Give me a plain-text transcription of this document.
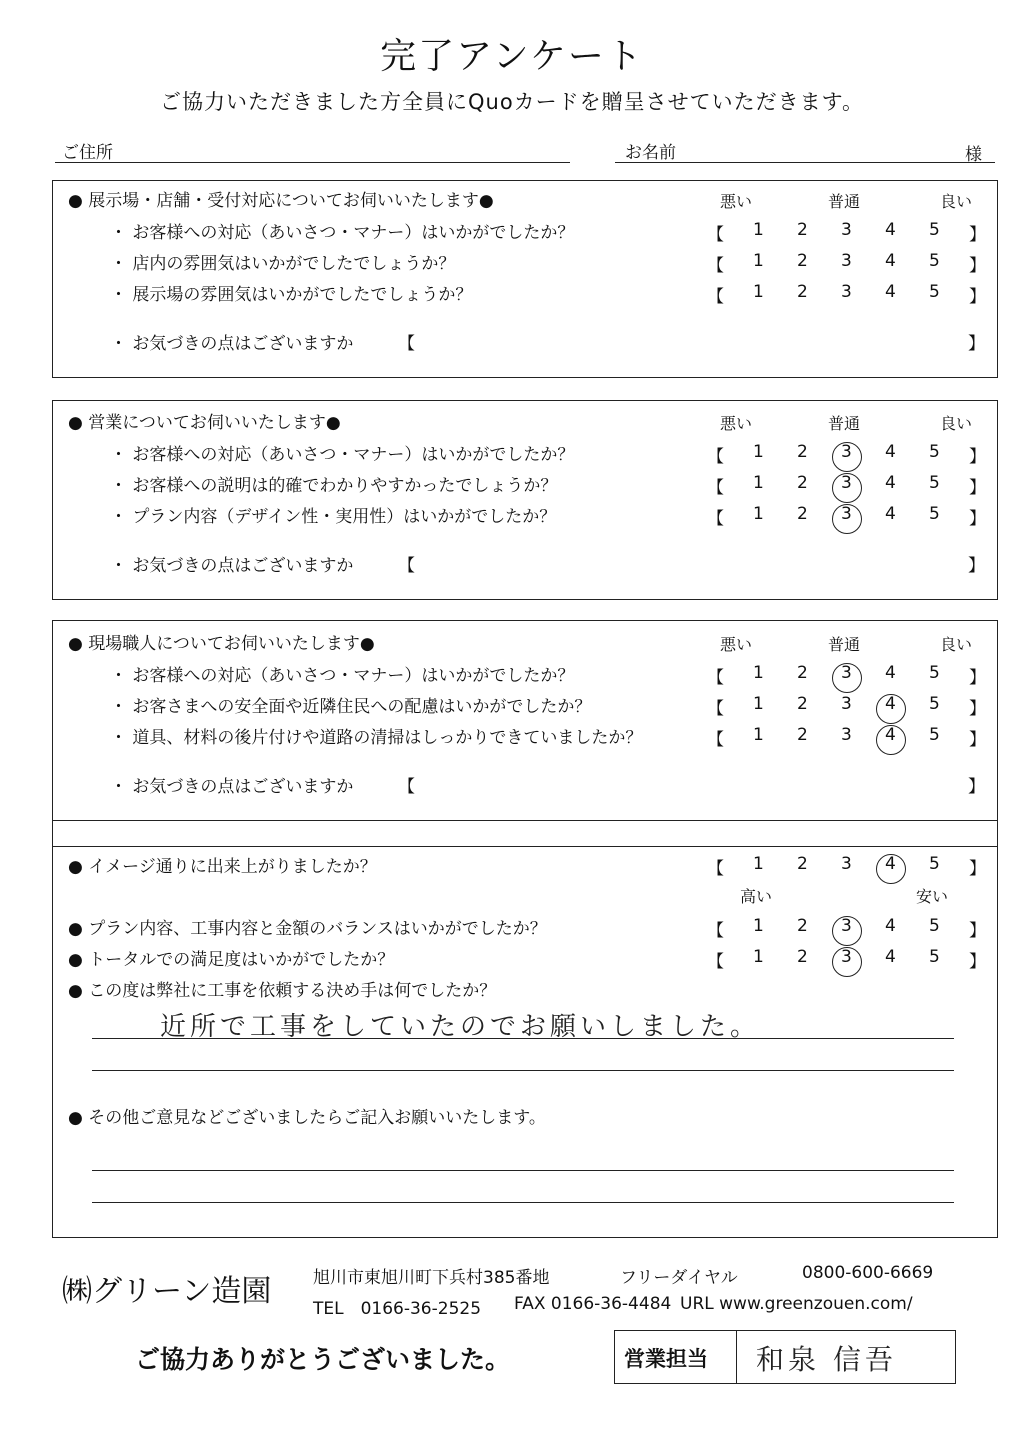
完了アンケート
ご協力いただきました方全員にQuoカードを贈呈させていただきます。
ご住所	お名前	様
● 展示場・店舗・受付対応についてお伺いいたします●	悪い	普通	良い
・ お客様への対応（あいさつ・マナー）はいかがでしたか？	【 1 2 3 4 5 】
・ 店内の雰囲気はいかがでしたでしょうか？	【 1 2 3 4 5 】
・ 展示場の雰囲気はいかがでしたでしょうか？	【 1 2 3 4 5 】
・ お気づきの点はございますか	【	】
● 営業についてお伺いいたします●	悪い	普通	良い
・ お客様への対応（あいさつ・マナー）はいかがでしたか？	【 1 2 3 4 5 】
・ お客様への説明は的確でわかりやすかったでしょうか？	【 1 2 3 4 5 】
・ プラン内容（デザイン性・実用性）はいかがでしたか？	【 1 2 3 4 5 】
・ お気づきの点はございますか	【	】
● 現場職人についてお伺いいたします●	悪い	普通	良い
・ お客様への対応（あいさつ・マナー）はいかがでしたか？	【 1 2 3 4 5 】
・ お客さまへの安全面や近隣住民への配慮はいかがでしたか？	【 1 2 3 4 5 】
・ 道具、材料の後片付けや道路の清掃はしっかりできていましたか？	【 1 2 3 4 5 】
・ お気づきの点はございますか	【	】
● イメージ通りに出来上がりましたか？	【 1 2 3 4 5 】
高い	安い
● プラン内容、工事内容と金額のバランスはいかがでしたか？	【 1 2 3 4 5 】
● トータルでの満足度はいかがでしたか？	【 1 2 3 4 5 】
● この度は弊社に工事を依頼する決め手は何でしたか？
近所で工事をしていたのでお願いしました。
● その他ご意見などございましたらご記入お願いいたします。
㈱グリーン造園 旭川市東旭川町下兵村385番地	フリーダイヤル	0800-600-6669
TEL　0166-36-2525 FAX 0166-36-4484 URL www.greenzouen.com/
ご協力ありがとうございました。	営業担当 和泉 信吾
